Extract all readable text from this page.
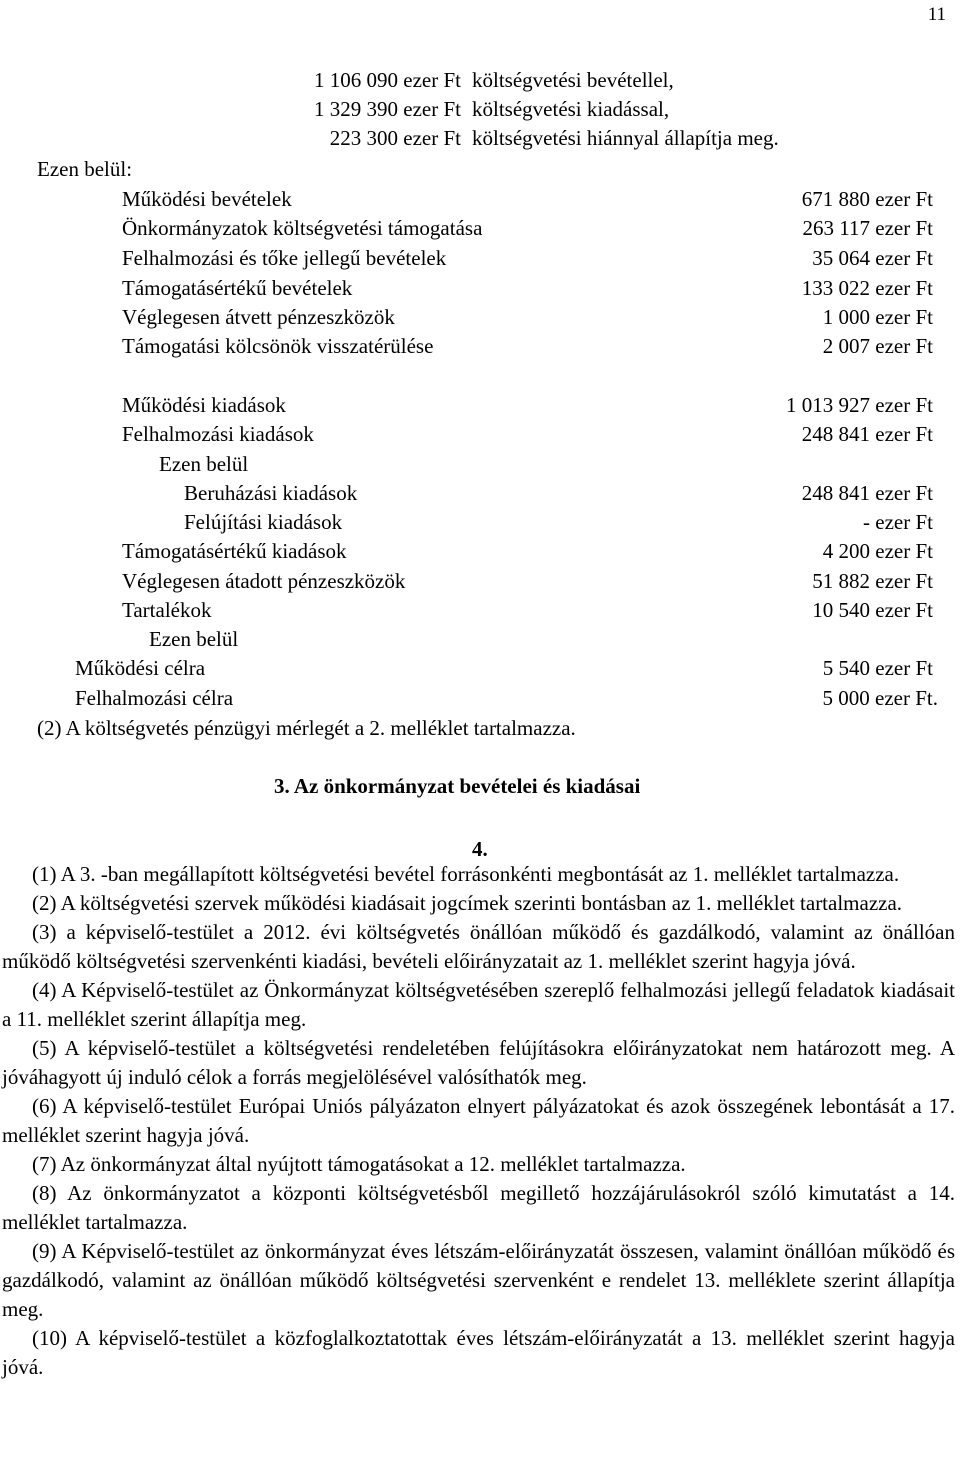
11
1 106 090 ezer Ft költségvetési bevétellel,
1 329 390 ezer Ft költségvetési kiadással,
223 300 ezer Ft költségvetési hiánnyal állapítja meg.
Ezen belül:
Működési bevételek	671 880 ezer Ft
Önkormányzatok költségvetési támogatása	263 117 ezer Ft
Felhalmozási és tőke jellegű bevételek	35 064 ezer Ft
Támogatásértékű bevételek	133 022 ezer Ft
Véglegesen átvett pénzeszközök	1 000 ezer Ft
Támogatási kölcsönök visszatérülése	2 007 ezer Ft
Működési kiadások	1 013 927 ezer Ft
Felhalmozási kiadások	248 841 ezer Ft
Ezen belül
Beruházási kiadások	248 841 ezer Ft
Felújítási kiadások	- ezer Ft
Támogatásértékű kiadások	4 200 ezer Ft
Véglegesen átadott pénzeszközök	51 882 ezer Ft
Tartalékok	10 540 ezer Ft
Ezen belül
Működési célra	5 540 ezer Ft
Felhalmozási célra	5 000 ezer Ft.
(2) A költségvetés pénzügyi mérlegét a 2. melléklet tartalmazza.
3. Az önkormányzat bevételei és kiadásai
4.

(1) A 3. -ban megállapított költségvetési bevétel forrásonkénti megbontását az 1. melléklet tartalmazza.

(2) A költségvetési szervek működési kiadásait jogcímek szerinti bontásban az 1. melléklet tartalmazza.

(3) a képviselő-testület a 2012. évi költségvetés önállóan működő és gazdálkodó, valamint az önállóan működő költségvetési szervenkénti kiadási, bevételi előirányzatait az 1. melléklet szerint hagyja jóvá.

(4) A Képviselő-testület az Önkormányzat költségvetésében szereplő felhalmozási jellegű feladatok kiadásait a 11. melléklet szerint állapítja meg.

(5) A képviselő-testület a költségvetési rendeletében felújításokra előirányzatokat nem határozott meg. A jóváhagyott új induló célok a forrás megjelölésével valósíthatók meg.

(6) A képviselő-testület Európai Uniós pályázaton elnyert pályázatokat és azok összegének lebontását a 17. melléklet szerint hagyja jóvá.

(7) Az önkormányzat által nyújtott támogatásokat a 12. melléklet tartalmazza.

(8) Az önkormányzatot a központi költségvetésből megillető hozzájárulásokról szóló kimutatást a 14. melléklet tartalmazza.

(9) A Képviselő-testület az önkormányzat éves létszám-előirányzatát összesen, valamint önállóan működő és gazdálkodó, valamint az önállóan működő költségvetési szervenként e rendelet 13. melléklete szerint állapítja meg.

(10) A képviselő-testület a közfoglalkoztatottak éves létszám-előirányzatát a 13. melléklet szerint hagyja jóvá.
